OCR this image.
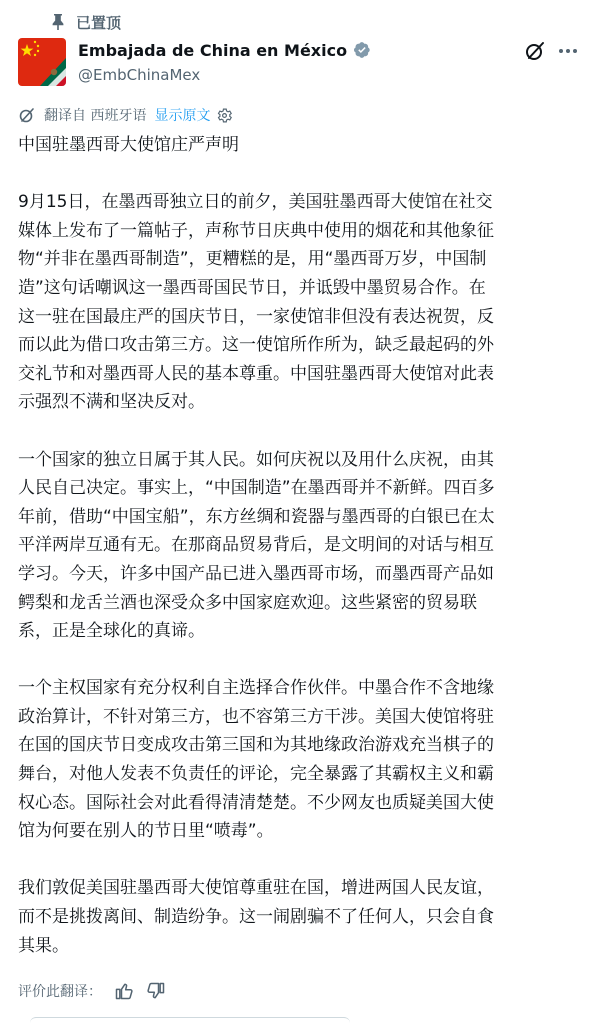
已置顶
Embajada de China en México
@EmbChinaMex
翻译自 西班牙语 显示原文

中国驻墨西哥大使馆庄严声明

9月15日，在墨西哥独立日的前夕，美国驻墨西哥大使馆在社交

媒体上发布了一篇帖子，声称节日庆典中使用的烟花和其他象征

物“并非在墨西哥制造”，更糟糕的是，用“墨西哥万岁，中国制

造”这句话嘲讽这一墨西哥国民节日，并诋毁中墨贸易合作。在

这一驻在国最庄严的国庆节日，一家使馆非但没有表达祝贺，反

而以此为借口攻击第三方。这一使馆所作所为，缺乏最起码的外

交礼节和对墨西哥人民的基本尊重。中国驻墨西哥大使馆对此表

示强烈不满和坚决反对。

一个国家的独立日属于其人民。如何庆祝以及用什么庆祝，由其

人民自己决定。事实上，“中国制造”在墨西哥并不新鲜。四百多

年前，借助“中国宝船”，东方丝绸和瓷器与墨西哥的白银已在太

平洋两岸互通有无。在那商品贸易背后，是文明间的对话与相互

学习。今天，许多中国产品已进入墨西哥市场，而墨西哥产品如

鳄梨和龙舌兰酒也深受众多中国家庭欢迎。这些紧密的贸易联

系，正是全球化的真谛。

一个主权国家有充分权利自主选择合作伙伴。中墨合作不含地缘

政治算计，不针对第三方，也不容第三方干涉。美国大使馆将驻

在国的国庆节日变成攻击第三国和为其地缘政治游戏充当棋子的

舞台，对他人发表不负责任的评论，完全暴露了其霸权主义和霸

权心态。国际社会对此看得清清楚楚。不少网友也质疑美国大使

馆为何要在别人的节日里“喷毒”。

我们敦促美国驻墨西哥大使馆尊重驻在国，增进两国人民友谊，

而不是挑拨离间、制造纷争。这一闹剧骗不了任何人，只会自食

其果。

评价此翻译：
